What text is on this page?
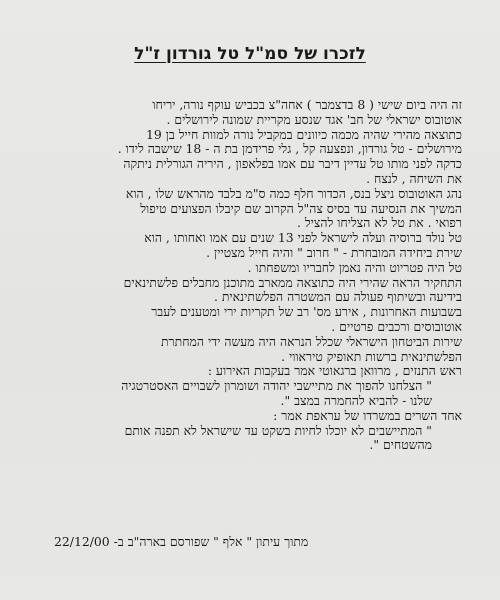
לזכרו של סמ"ל טל גורדון ז"ל
זה היה ביום שישי ( 8 בדצמבר ) אחה"צ בכביש עוקף נורה, יריחו
אוטובוס ישראלי של חב' אגד שנסע מקריית שמונה לירושלים .
כתוצאה מהירי שהיה מכמה כיוונים במקביל נורה למוות חייל בן 19
מירושלים - טל גורדון, ונפצעה קל , גלי פרידמן בת ה - 18 שישבה לידו .
כדקה לפני מותו טל עדיין דיבר עם אמו בפלאפון , היריה הגורלית ניתקה
את השיחה , לנצח .
נהג האוטובוס ניצל בנס, הכדור חלף כמה ס"מ בלבד מהראש שלו , הוא
המשיך את הנסיעה עד בסיס צה"ל הקרוב שם קיבלו הפצועים טיפול
רפואי . את טל לא הצליחו להציל .
טל נולד ברוסיה ועלה לישראל לפני 13 שנים עם אמו ואחותו , הוא
שירת ביחידה המובחרת - " חרוב " והיה חייל מצטיין .
טל היה פטריוט והיה נאמן לחבריו ומשפחתו .
התחקיר הראה שהירי היה כתוצאה ממארב מתוכנן מחבלים פלשתינאים
בידיעה ובשיתוף פעולה עם המשטרה הפלשתינאית .
בשבועות האחרונות , אירע מס' רב של תקריות ירי ומטענים לעבר
אוטובוסים ורכבים פרטיים .
שירות הביטחון הישראלי שכלל הנראה היה מעשה ידי המחתרת
הפלשתינאית ברשות תאופיק טיראווי .
ראש התנזים , מרוואן ברגאוטי אמר בעקבות האירוע :
" הצלחנו להפוך את מתיישבי יהודה ושומרון לשבויים האסטרטגיה
שלנו - להביא להחמרה במצב ".
אחד השרים במשרדו של עראפת אמר :
" המתיישבים לא יוכלו לחיות בשקט עד שישראל לא תפנה אותם
מהשטחים ".

מתוך עיתון " אלף " שפורסם בארה"ב ב- 22/12/00
